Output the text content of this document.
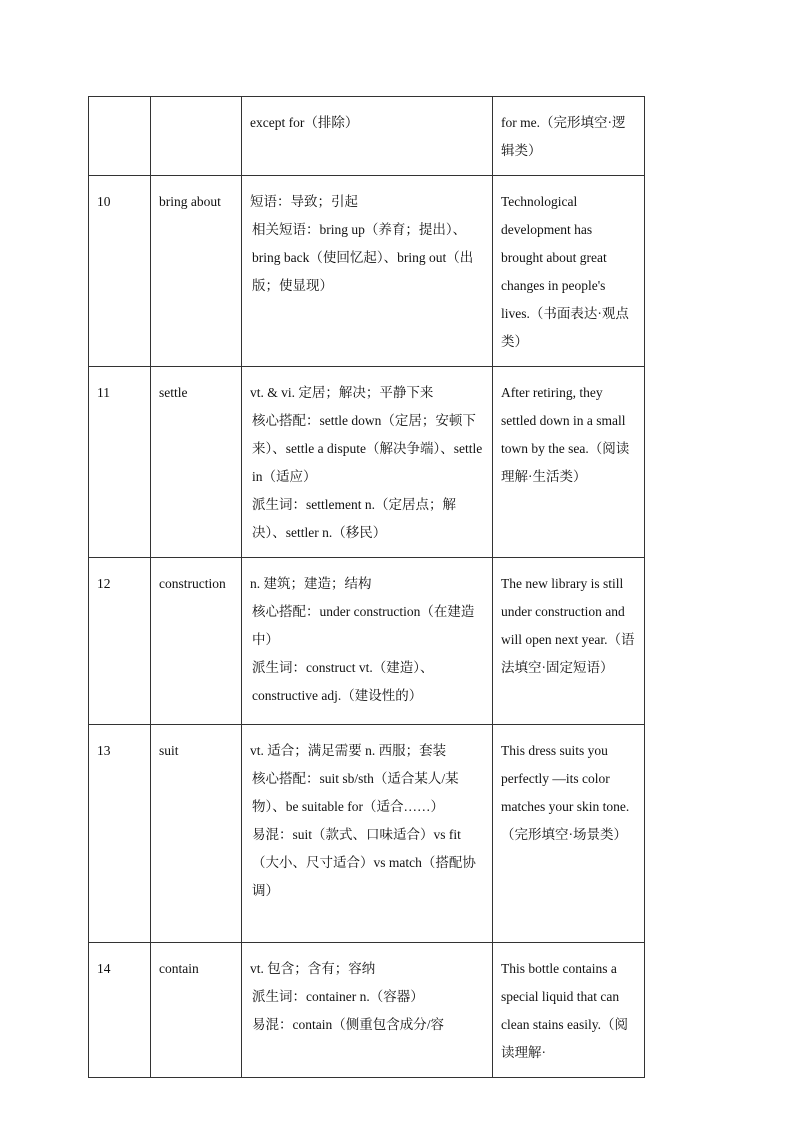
		except for（排除）	for me.（完形填空·逻辑类）
10	bring about	短语：导致；引起
相关短语：bring up（养育；提出）、bring back（使回忆起）、bring out（出版；使显现）	Technological development has brought about great changes in people's lives.（书面表达·观点类）
11	settle	vt. & vi. 定居；解决；平静下来
核心搭配：settle down（定居；安顿下来）、settle a dispute（解决争端）、settle in（适应）
派生词：settlement n.（定居点；解决）、settler n.（移民）	After retiring, they settled down in a small town by the sea.（阅读理解·生活类）
12	construction	n. 建筑；建造；结构
核心搭配：under construction（在建造中）
派生词：construct vt.（建造）、constructive adj.（建设性的）	The new library is still under construction and will open next year.（语法填空·固定短语）
13	suit	vt. 适合；满足需要 n. 西服；套装
核心搭配：suit sb/sth（适合某人/某物）、be suitable for（适合……）
易混：suit（款式、口味适合）vs fit（大小、尺寸适合）vs match（搭配协调）	This dress suits you perfectly —its color matches your skin tone.（完形填空·场景类）
14	contain	vt. 包含；含有；容纳
派生词：container n.（容器）
易混：contain（侧重包含成分/容	This bottle contains a special liquid that can clean stains easily.（阅读理解·
